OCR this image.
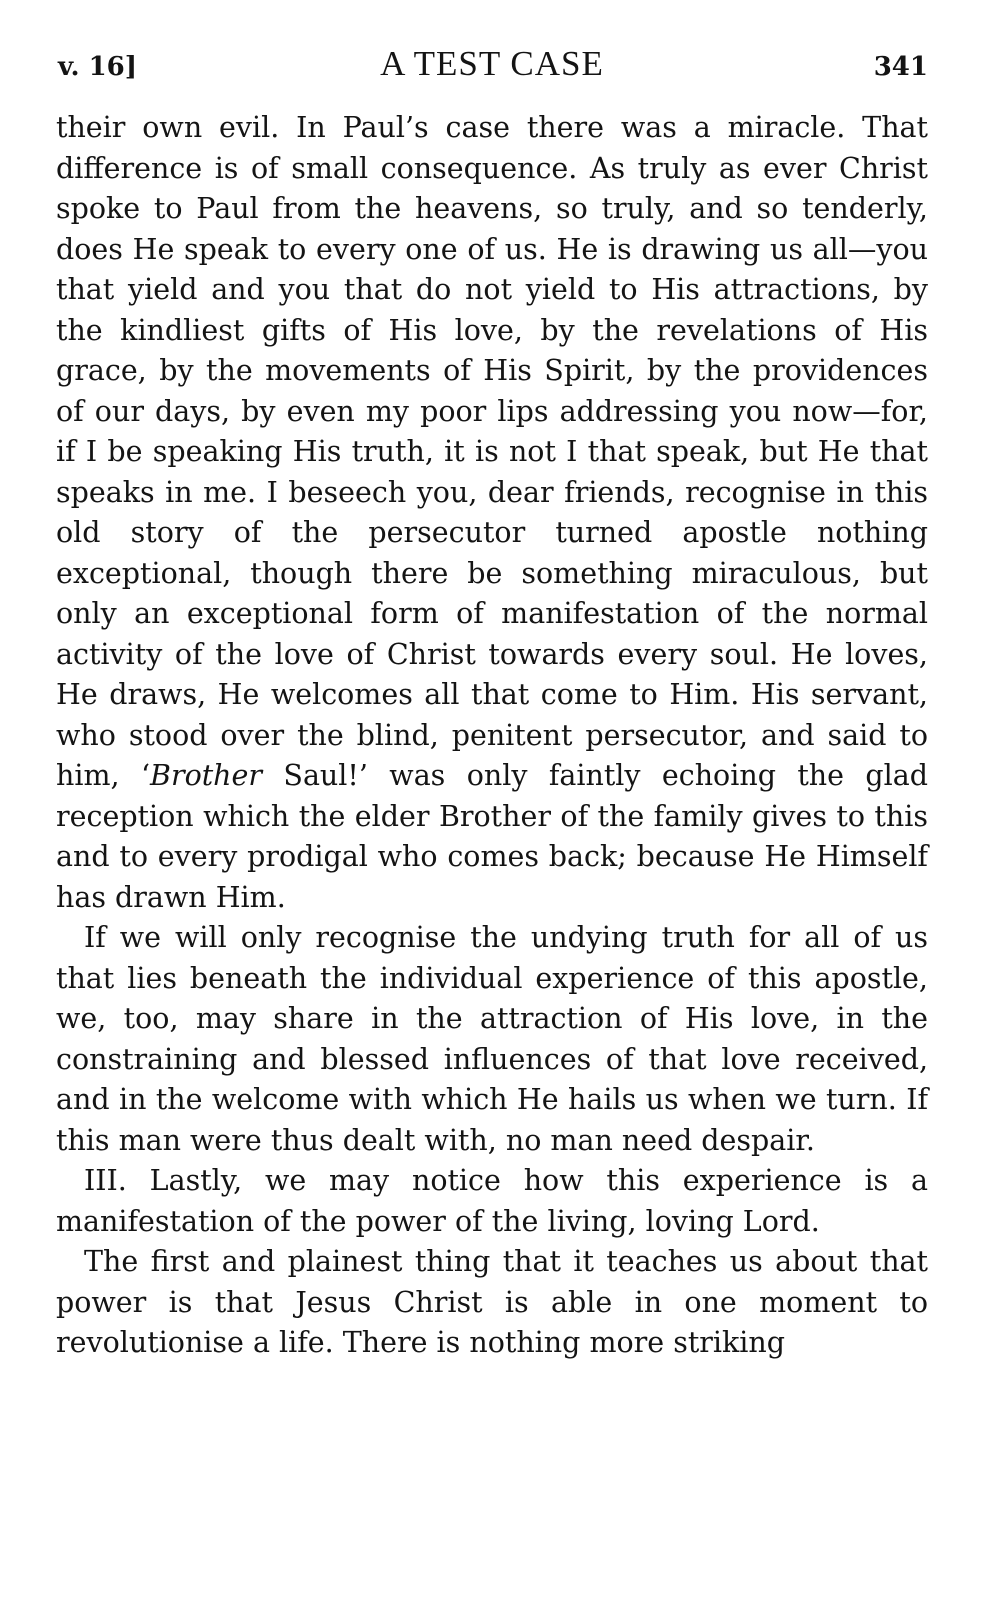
v. 16]	A TEST CASE	341

their own evil. In Paul’s case there was a miracle. That difference is of small consequence. As truly as ever Christ spoke to Paul from the heavens, so truly, and so tenderly, does He speak to every one of us. He is drawing us all—you that yield and you that do not yield to His attractions, by the kindliest gifts of His love, by the revelations of His grace, by the movements of His Spirit, by the providences of our days, by even my poor lips addressing you now—for, if I be speaking His truth, it is not I that speak, but He that speaks in me. I beseech you, dear friends, recognise in this old story of the persecutor turned apostle nothing exceptional, though there be something miraculous, but only an exceptional form of manifestation of the normal activity of the love of Christ towards every soul. He loves, He draws, He welcomes all that come to Him. His servant, who stood over the blind, penitent persecutor, and said to him, ‘Brother Saul!’ was only faintly echoing the glad reception which the elder Brother of the family gives to this and to every prodigal who comes back; because He Himself has drawn Him.

If we will only recognise the undying truth for all of us that lies beneath the individual experience of this apostle, we, too, may share in the attraction of His love, in the constraining and blessed influences of that love received, and in the welcome with which He hails us when we turn. If this man were thus dealt with, no man need despair.

III. Lastly, we may notice how this experience is a manifestation of the power of the living, loving Lord.

The first and plainest thing that it teaches us about that power is that Jesus Christ is able in one moment to revolutionise a life. There is nothing more striking
